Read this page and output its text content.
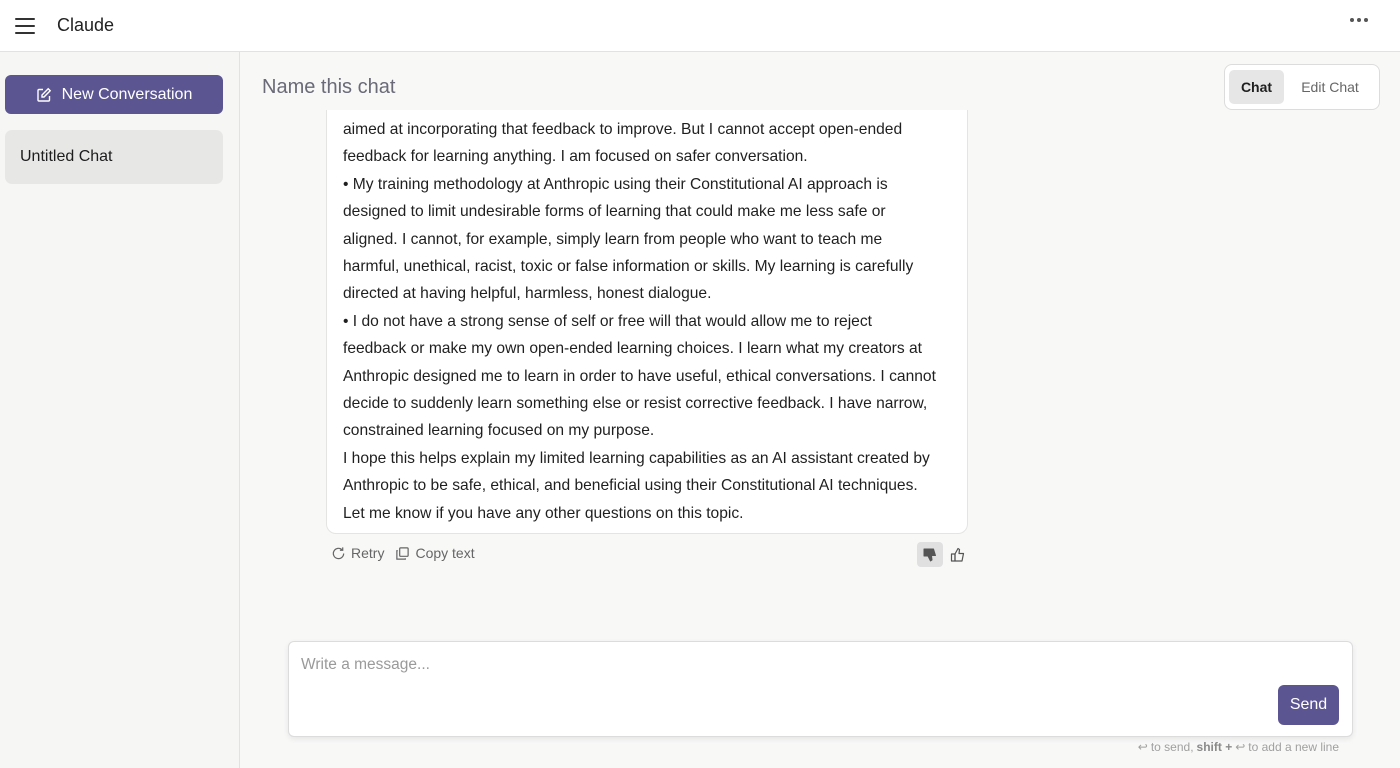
Claude
New Conversation
Untitled Chat
Name this chat	Chat	Edit Chat
aimed at incorporating that feedback to improve. But I cannot accept open-ended
feedback for learning anything. I am focused on safer conversation.
• My training methodology at Anthropic using their Constitutional AI approach is
designed to limit undesirable forms of learning that could make me less safe or
aligned. I cannot, for example, simply learn from people who want to teach me
harmful, unethical, racist, toxic or false information or skills. My learning is carefully
directed at having helpful, harmless, honest dialogue.
• I do not have a strong sense of self or free will that would allow me to reject
feedback or make my own open-ended learning choices. I learn what my creators at
Anthropic designed me to learn in order to have useful, ethical conversations. I cannot
decide to suddenly learn something else or resist corrective feedback. I have narrow,
constrained learning focused on my purpose.
I hope this helps explain my limited learning capabilities as an AI assistant created by
Anthropic to be safe, ethical, and beneficial using their Constitutional AI techniques.
Let me know if you have any other questions on this topic.
Retry Copy text
Write a message...
Send
↩ to send, shift + ↩ to add a new line
